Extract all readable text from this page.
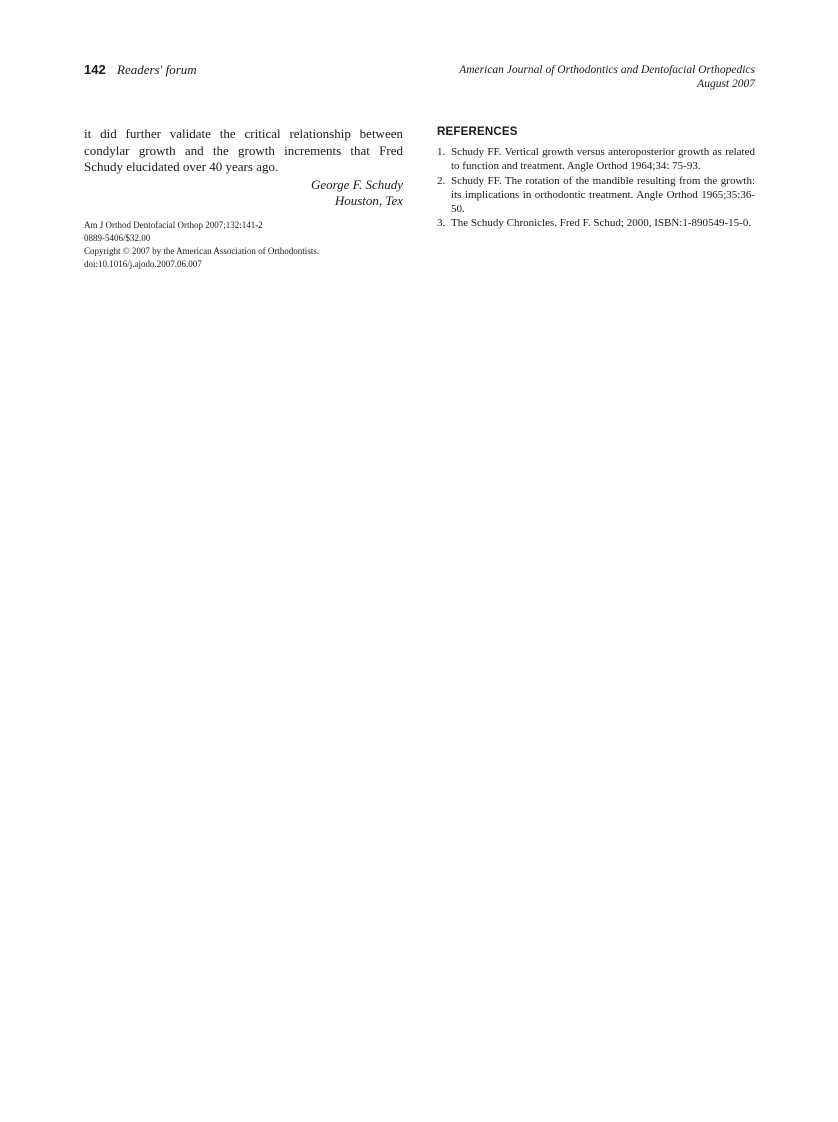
142 Readers' forum	American Journal of Orthodontics and Dentofacial Orthopedics
August 2007

it did further validate the critical relationship between condylar growth and the growth increments that Fred Schudy elucidated over 40 years ago.

George F. Schudy
Houston, Tex
Am J Orthod Dentofacial Orthop 2007;132:141-2
0889-5406/$32.00
Copyright © 2007 by the American Association of Orthodontists.
doi:10.1016/j.ajodo.2007.06.007
REFERENCES
1. Schudy FF. Vertical growth versus anteroposterior growth as related to function and treatment. Angle Orthod 1964;34: 75-93.
2. Schudy FF. The rotation of the mandible resulting from the growth: its implications in orthodontic treatment. Angle Orthod 1965;35:36-50.
3. The Schudy Chronicles. Fred F. Schud; 2000, ISBN:1-890549-15-0.
